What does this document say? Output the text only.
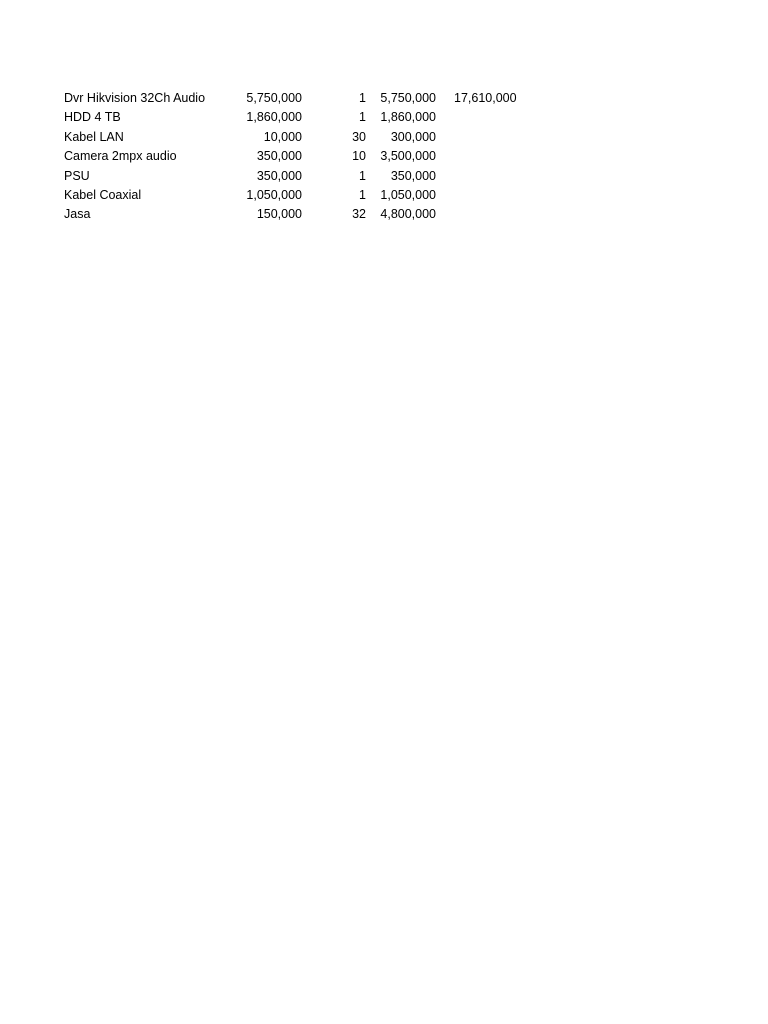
Dvr Hikvision 32Ch Audio	5,750,000	1	5,750,000 17,610,000
HDD 4 TB	1,860,000	1	1,860,000
Kabel LAN	10,000	30	300,000
Camera 2mpx audio	350,000	10	3,500,000
PSU	350,000	1	350,000
Kabel Coaxial	1,050,000	1	1,050,000
Jasa	150,000	32	4,800,000
